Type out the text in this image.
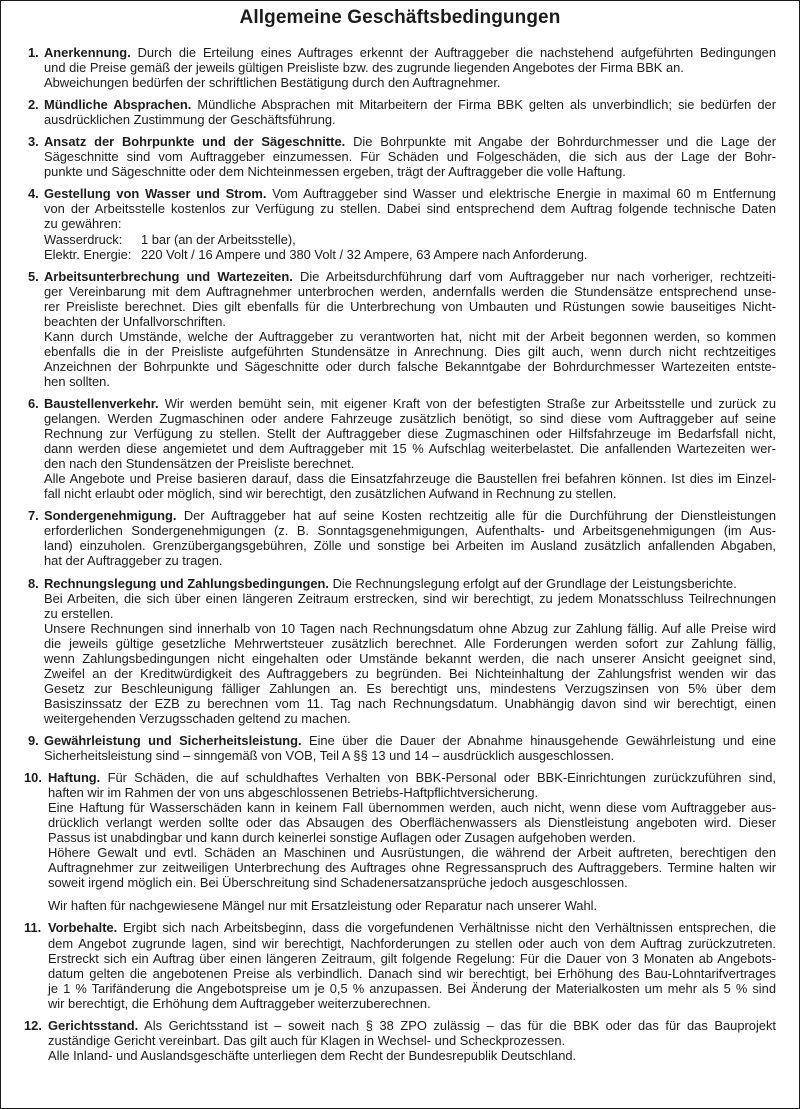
Allgemeine Geschäftsbedingungen
1. Anerkennung. Durch die Erteilung eines Auftrages erkennt der Auftraggeber die nachstehend aufgeführten Bedingungen
und die Preise gemäß der jeweils gültigen Preisliste bzw. des zugrunde liegenden Angebotes der Firma BBK an.
Abweichungen bedürfen der schriftlichen Bestätigung durch den Auftragnehmer.
2. Mündliche Absprachen. Mündliche Absprachen mit Mitarbeitern der Firma BBK gelten als unverbindlich; sie bedürfen der
ausdrücklichen Zustimmung der Geschäftsführung.
3. Ansatz der Bohrpunkte und der Sägeschnitte. Die Bohrpunkte mit Angabe der Bohrdurchmesser und die Lage der
Sägeschnitte sind vom Auftraggeber einzumessen. Für Schäden und Folgeschäden, die sich aus der Lage der Bohr-
punkte und Sägeschnitte oder dem Nichteinmessen ergeben, trägt der Auftraggeber die volle Haftung.
4. Gestellung von Wasser und Strom. Vom Auftraggeber sind Wasser und elektrische Energie in maximal 60 m Entfernung
von der Arbeitsstelle kostenlos zur Verfügung zu stellen. Dabei sind entsprechend dem Auftrag folgende technische Daten
zu gewähren:
Wasserdruck: 1 bar (an der Arbeitsstelle),
Elektr. Energie: 220 Volt / 16 Ampere und 380 Volt / 32 Ampere, 63 Ampere nach Anforderung.
5. Arbeitsunterbrechung und Wartezeiten. Die Arbeitsdurchführung darf vom Auftraggeber nur nach vorheriger, rechtzeiti-
ger Vereinbarung mit dem Auftragnehmer unterbrochen werden, andernfalls werden die Stundensätze entsprechend unse-
rer Preisliste berechnet. Dies gilt ebenfalls für die Unterbrechung von Umbauten und Rüstungen sowie bauseitiges Nicht-
beachten der Unfallvorschriften.
Kann durch Umstände, welche der Auftraggeber zu verantworten hat, nicht mit der Arbeit begonnen werden, so kommen
ebenfalls die in der Preisliste aufgeführten Stundensätze in Anrechnung. Dies gilt auch, wenn durch nicht rechtzeitiges
Anzeichnen der Bohrpunkte und Sägeschnitte oder durch falsche Bekanntgabe der Bohrdurchmesser Wartezeiten entste-
hen sollten.
6. Baustellenverkehr. Wir werden bemüht sein, mit eigener Kraft von der befestigten Straße zur Arbeitsstelle und zurück zu
gelangen. Werden Zugmaschinen oder andere Fahrzeuge zusätzlich benötigt, so sind diese vom Auftraggeber auf seine
Rechnung zur Verfügung zu stellen. Stellt der Auftraggeber diese Zugmaschinen oder Hilfsfahrzeuge im Bedarfsfall nicht,
dann werden diese angemietet und dem Auftraggeber mit 15 % Aufschlag weiterbelastet. Die anfallenden Wartezeiten wer-
den nach den Stundensätzen der Preisliste berechnet.
Alle Angebote und Preise basieren darauf, dass die Einsatzfahrzeuge die Baustellen frei befahren können. Ist dies im Einzel-
fall nicht erlaubt oder möglich, sind wir berechtigt, den zusätzlichen Aufwand in Rechnung zu stellen.
7. Sondergenehmigung. Der Auftraggeber hat auf seine Kosten rechtzeitig alle für die Durchführung der Dienstleistungen
erforderlichen Sondergenehmigungen (z. B. Sonntagsgenehmigungen, Aufenthalts- und Arbeitsgenehmigungen (im Aus-
land) einzuholen. Grenzübergangsgebühren, Zölle und sonstige bei Arbeiten im Ausland zusätzlich anfallenden Abgaben,
hat der Auftraggeber zu tragen.
8. Rechnungslegung und Zahlungsbedingungen. Die Rechnungslegung erfolgt auf der Grundlage der Leistungsberichte.
Bei Arbeiten, die sich über einen längeren Zeitraum erstrecken, sind wir berechtigt, zu jedem Monatsschluss Teilrechnungen
zu erstellen.
Unsere Rechnungen sind innerhalb von 10 Tagen nach Rechnungsdatum ohne Abzug zur Zahlung fällig. Auf alle Preise wird
die jeweils gültige gesetzliche Mehrwertsteuer zusätzlich berechnet. Alle Forderungen werden sofort zur Zahlung fällig,
wenn Zahlungsbedingungen nicht eingehalten oder Umstände bekannt werden, die nach unserer Ansicht geeignet sind,
Zweifel an der Kreditwürdigkeit des Auftraggebers zu begründen. Bei Nichteinhaltung der Zahlungsfrist wenden wir das
Gesetz zur Beschleunigung fälliger Zahlungen an. Es berechtigt uns, mindestens Verzugszinsen von 5% über dem
Basiszinssatz der EZB zu berechnen vom 11. Tag nach Rechnungsdatum. Unabhängig davon sind wir berechtigt, einen
weitergehenden Verzugsschaden geltend zu machen.
9. Gewährleistung und Sicherheitsleistung. Eine über die Dauer der Abnahme hinausgehende Gewährleistung und eine
Sicherheitsleistung sind – sinngemäß von VOB, Teil A §§ 13 und 14 – ausdrücklich ausgeschlossen.
10. Haftung. Für Schäden, die auf schuldhaftes Verhalten von BBK-Personal oder BBK-Einrichtungen zurückzuführen sind,
haften wir im Rahmen der von uns abgeschlossenen Betriebs-Haftpflichtversicherung.
Eine Haftung für Wasserschäden kann in keinem Fall übernommen werden, auch nicht, wenn diese vom Auftraggeber aus-
drücklich verlangt werden sollte oder das Absaugen des Oberflächenwassers als Dienstleistung angeboten wird. Dieser
Passus ist unabdingbar und kann durch keinerlei sonstige Auflagen oder Zusagen aufgehoben werden.
Höhere Gewalt und evtl. Schäden an Maschinen und Ausrüstungen, die während der Arbeit auftreten, berechtigen den
Auftragnehmer zur zeitweiligen Unterbrechung des Auftrages ohne Regressanspruch des Auftraggebers. Termine halten wir
soweit irgend möglich ein. Bei Überschreitung sind Schadenersatzansprüche jedoch ausgeschlossen.
Wir haften für nachgewiesene Mängel nur mit Ersatzleistung oder Reparatur nach unserer Wahl.
11. Vorbehalte. Ergibt sich nach Arbeitsbeginn, dass die vorgefundenen Verhältnisse nicht den Verhältnissen entsprechen, die
dem Angebot zugrunde lagen, sind wir berechtigt, Nachforderungen zu stellen oder auch von dem Auftrag zurückzutreten.
Erstreckt sich ein Auftrag über einen längeren Zeitraum, gilt folgende Regelung: Für die Dauer von 3 Monaten ab Angebots-
datum gelten die angebotenen Preise als verbindlich. Danach sind wir berechtigt, bei Erhöhung des Bau-Lohntarifvertrages
je 1 % Tarifänderung die Angebotspreise um je 0,5 % anzupassen. Bei Änderung der Materialkosten um mehr als 5 % sind
wir berechtigt, die Erhöhung dem Auftraggeber weiterzuberechnen.
12. Gerichtsstand. Als Gerichtsstand ist – soweit nach § 38 ZPO zulässig – das für die BBK oder das für das Bauprojekt
zuständige Gericht vereinbart. Das gilt auch für Klagen in Wechsel- und Scheckprozessen.
Alle Inland- und Auslandsgeschäfte unterliegen dem Recht der Bundesrepublik Deutschland.
